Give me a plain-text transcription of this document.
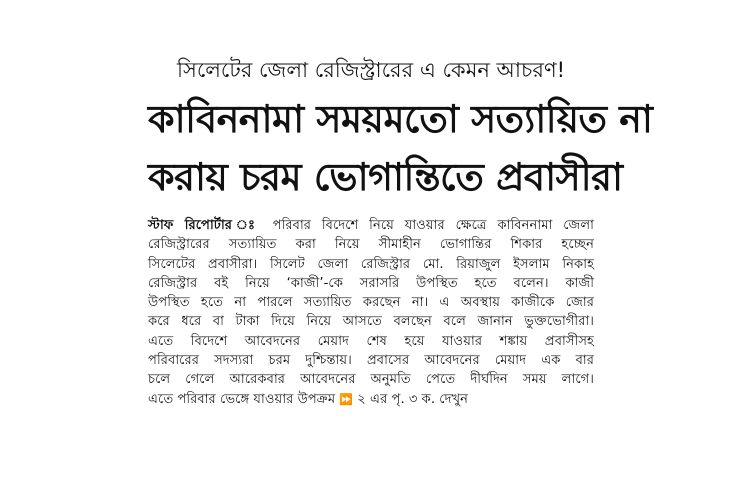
সিলেটের জেলা রেজিস্ট্রারের এ কেমন আচরণ!
কাবিননামা সময়মতো সত্যায়িত না
করায় চরম ভোগান্তিতে প্রবাসীরা
স্টাফ রিপোর্টার ঃ পরিবার বিদেশে নিয়ে যাওয়ার ক্ষেত্রে কাবিননামা জেলা
রেজিস্ট্রারের সত্যায়িত করা নিয়ে সীমাহীন ভোগান্তির শিকার হচ্ছেন
সিলেটের প্রবাসীরা। সিলেট জেলা রেজিস্ট্রার মো. রিয়াজুল ইসলাম নিকাহ
রেজিস্ট্রার বই নিয়ে ‘কাজী’-কে সরাসরি উপস্থিত হতে বলেন। কাজী
উপস্থিত হতে না পারলে সত্যায়িত করছেন না। এ অবস্থায় কাজীকে জোর
করে ধরে বা টাকা দিয়ে নিয়ে আসতে বলছেন বলে জানান ভুক্তভোগীরা।
এতে বিদেশে আবেদনের মেয়াদ শেষ হয়ে যাওয়ার শঙ্কায় প্রবাসীসহ
পরিবারের সদস্যরা চরম দুশ্চিন্তায়। প্রবাসের আবেদনের মেয়াদ এক বার
চলে গেলে আরেকবার আবেদনের অনুমতি পেতে দীর্ঘদিন সময় লাগে।
এতে পরিবার ভেঙ্গে যাওয়ার উপক্রম ⏩ ২ এর পৃ. ৩ ক. দেখুন
